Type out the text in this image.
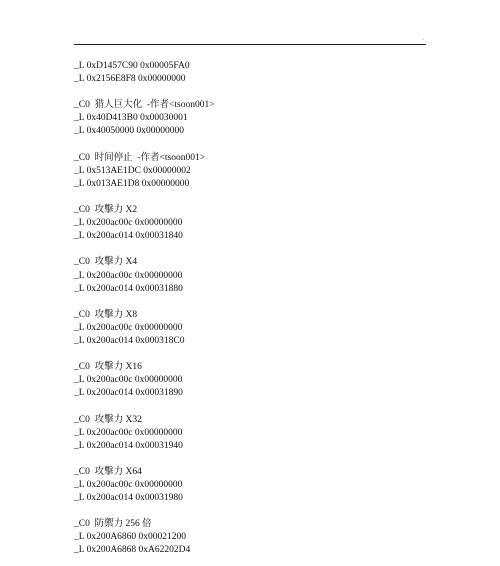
.
_L 0xD1457C90 0x00005FA0
_L 0x2156E8F8 0x00000000
_C0  猎人巨大化  -作者<tsoon001>
_L 0x40D413B0 0x00030001
_L 0x40050000 0x00000000
_C0  时间停止  -作者<tsoon001>
_L 0x513AE1DC 0x00000002
_L 0x013AE1D8 0x00000000
_C0  攻擊力 X2
_L 0x200ac00c 0x00000000
_L 0x200ac014 0x00031840
_C0  攻擊力 X4
_L 0x200ac00c 0x00000000
_L 0x200ac014 0x00031880
_C0  攻擊力 X8
_L 0x200ac00c 0x00000000
_L 0x200ac014 0x000318C0
_C0  攻擊力 X16
_L 0x200ac00c 0x00000000
_L 0x200ac014 0x00031890
_C0  攻擊力 X32
_L 0x200ac00c 0x00000000
_L 0x200ac014 0x00031940
_C0  攻擊力 X64
_L 0x200ac00c 0x00000000
_L 0x200ac014 0x00031980
_C0  防禦力 256 倍
_L 0x200A6860 0x00021200
_L 0x200A6868 0xA62202D4
